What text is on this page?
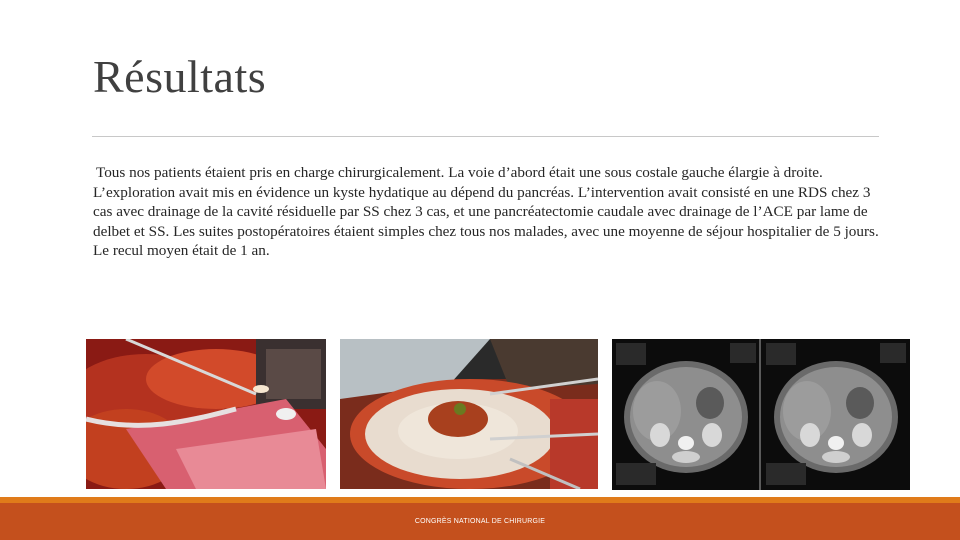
Résultats

Tous nos patients étaient pris en charge chirurgicalement. La voie d’abord était une sous costale gauche élargie à droite. L’exploration avait mis en évidence un kyste hydatique au dépend du pancréas. L’intervention avait consisté en une RDS chez 3 cas avec drainage de la cavité résiduelle par SS chez 3 cas, et une pancréatectomie caudale avec drainage de l’ACE par lame de delbet et SS. Les suites postopératoires étaient simples chez tous nos malades, avec une moyenne de séjour hospitalier de 5 jours. Le recul moyen était de 1 an.

CONGRÈS NATIONAL DE CHIRURGIE
